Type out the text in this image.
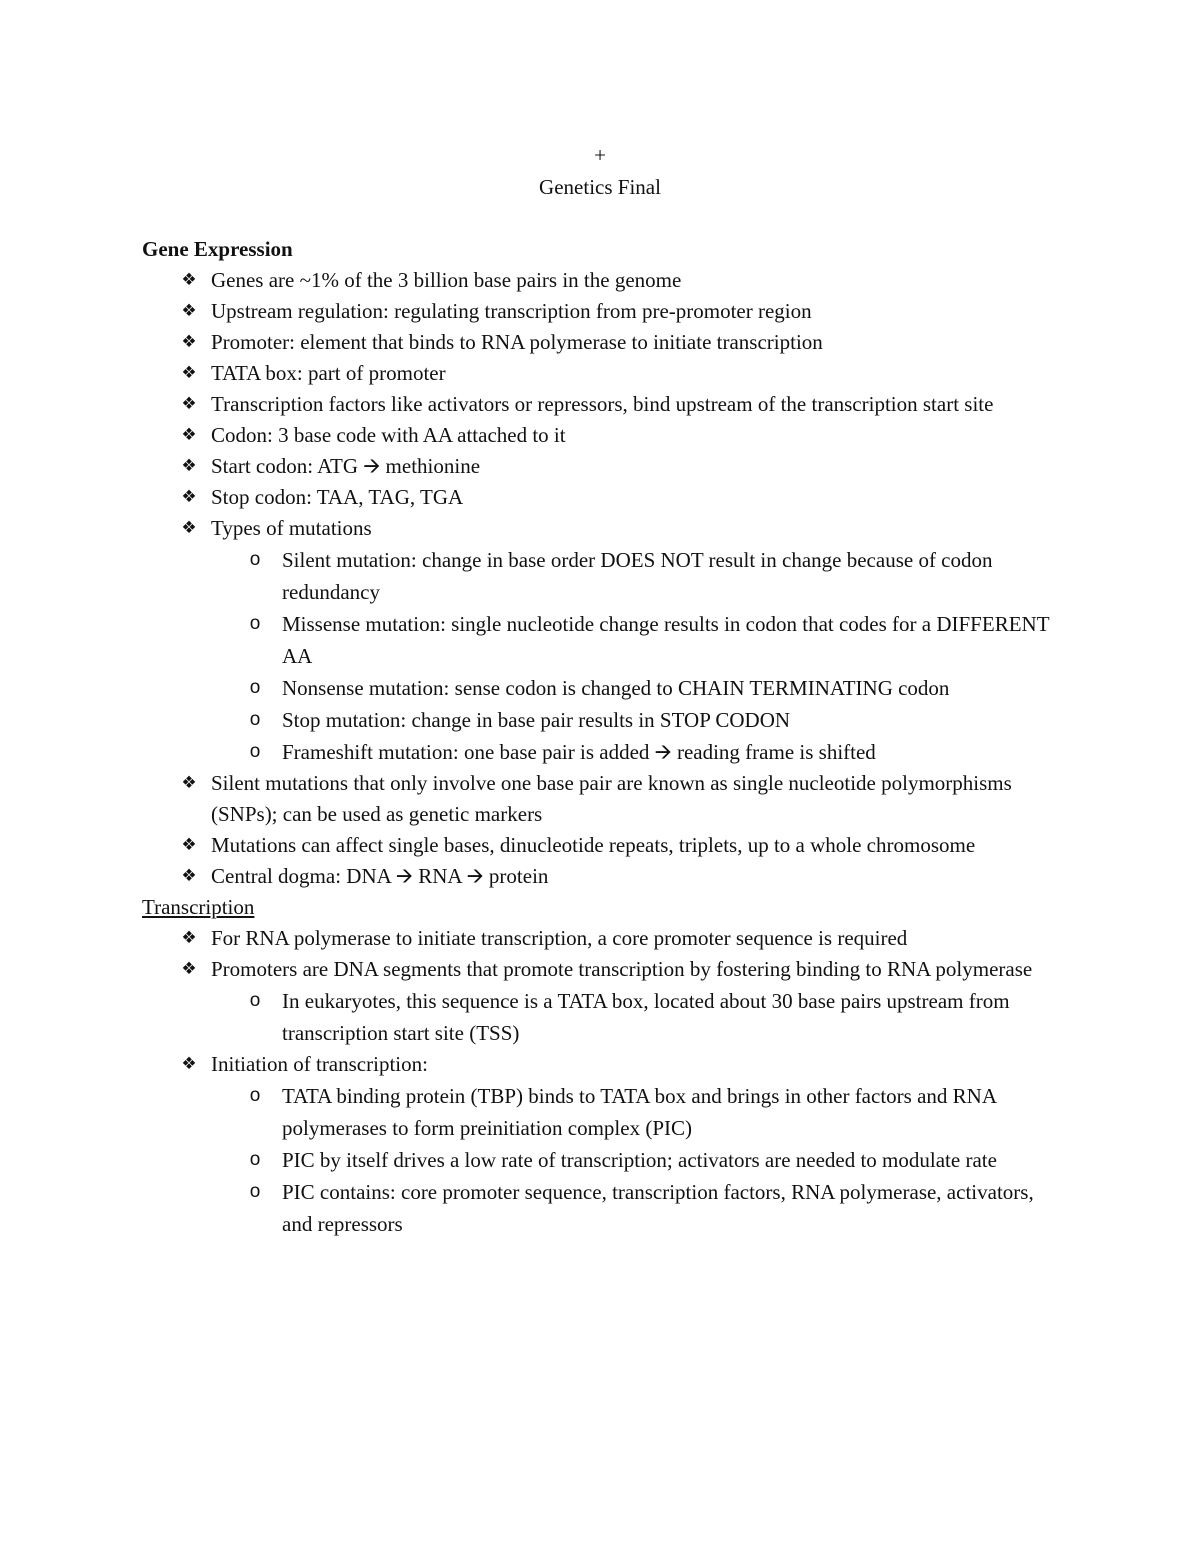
+
Genetics Final
Gene Expression
❖ Genes are ~1% of the 3 billion base pairs in the genome
❖ Upstream regulation: regulating transcription from pre-promoter region
❖ Promoter: element that binds to RNA polymerase to initiate transcription
❖ TATA box: part of promoter
❖ Transcription factors like activators or repressors, bind upstream of the transcription start site
❖ Codon: 3 base code with AA attached to it
❖ Start codon: ATG 🡪 methionine
❖ Stop codon: TAA, TAG, TGA
❖ Types of mutations
o Silent mutation: change in base order DOES NOT result in change because of codon redundancy
o Missense mutation: single nucleotide change results in codon that codes for a DIFFERENT AA
o Nonsense mutation: sense codon is changed to CHAIN TERMINATING codon
o Stop mutation: change in base pair results in STOP CODON
o Frameshift mutation: one base pair is added 🡪 reading frame is shifted
❖ Silent mutations that only involve one base pair are known as single nucleotide polymorphisms (SNPs); can be used as genetic markers
❖ Mutations can affect single bases, dinucleotide repeats, triplets, up to a whole chromosome
❖ Central dogma: DNA 🡪 RNA 🡪 protein
Transcription
❖ For RNA polymerase to initiate transcription, a core promoter sequence is required
❖ Promoters are DNA segments that promote transcription by fostering binding to RNA polymerase
o In eukaryotes, this sequence is a TATA box, located about 30 base pairs upstream from transcription start site (TSS)
❖ Initiation of transcription:
o TATA binding protein (TBP) binds to TATA box and brings in other factors and RNA polymerases to form preinitiation complex (PIC)
o PIC by itself drives a low rate of transcription; activators are needed to modulate rate
o PIC contains: core promoter sequence, transcription factors, RNA polymerase, activators, and repressors
